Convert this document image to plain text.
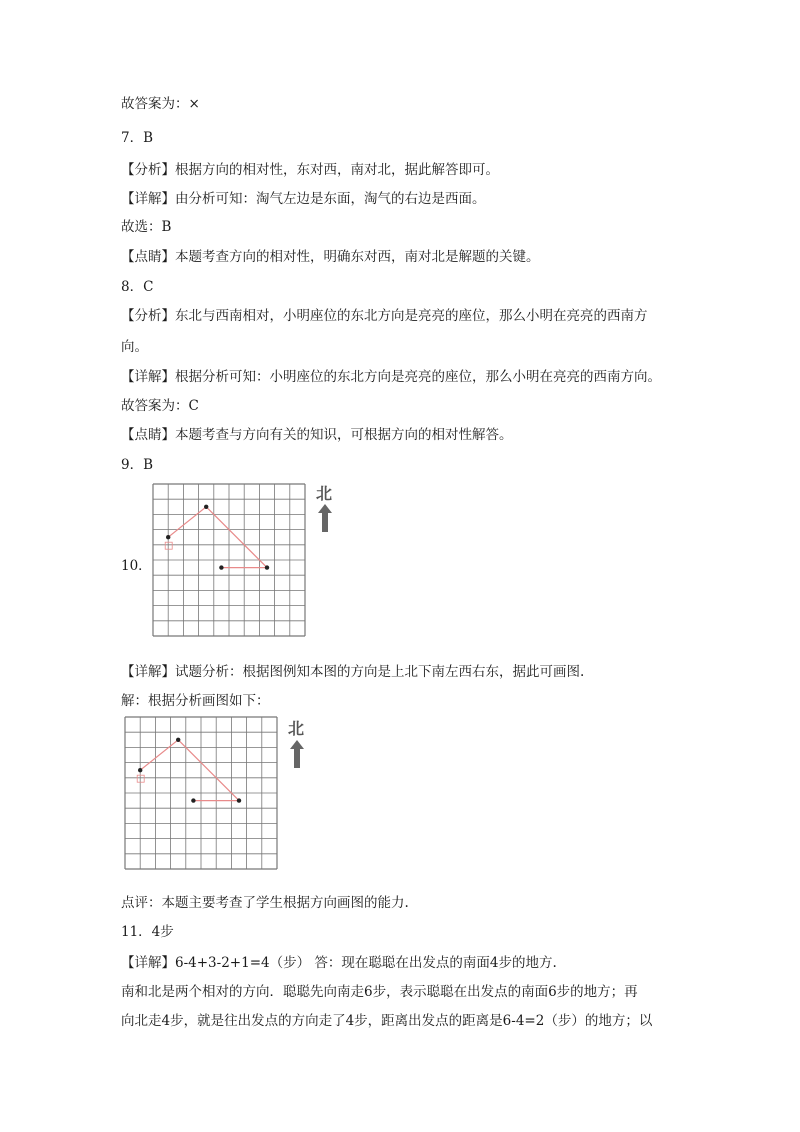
故答案为：×
7．B
【分析】根据方向的相对性，东对西，南对北，据此解答即可。
【详解】由分析可知：淘气左边是东面，淘气的右边是西面。
故选：B
【点睛】本题考查方向的相对性，明确东对西，南对北是解题的关键。
8．C
【分析】东北与西南相对，小明座位的东北方向是亮亮的座位，那么小明在亮亮的西南方
向。
【详解】根据分析可知：小明座位的东北方向是亮亮的座位，那么小明在亮亮的西南方向。
故答案为：C
【点睛】本题考查与方向有关的知识，可根据方向的相对性解答。
9．B
10．
北
【详解】试题分析：根据图例知本图的方向是上北下南左西右东，据此可画图.
解：根据分析画图如下：
北
点评：本题主要考查了学生根据方向画图的能力.
11．4步
【详解】6-4+3-2+1=4（步） 答：现在聪聪在出发点的南面4步的地方.
南和北是两个相对的方向．聪聪先向南走6步，表示聪聪在出发点的南面6步的地方；再
向北走4步，就是往出发点的方向走了4步，距离出发点的距离是6-4=2（步）的地方；以
